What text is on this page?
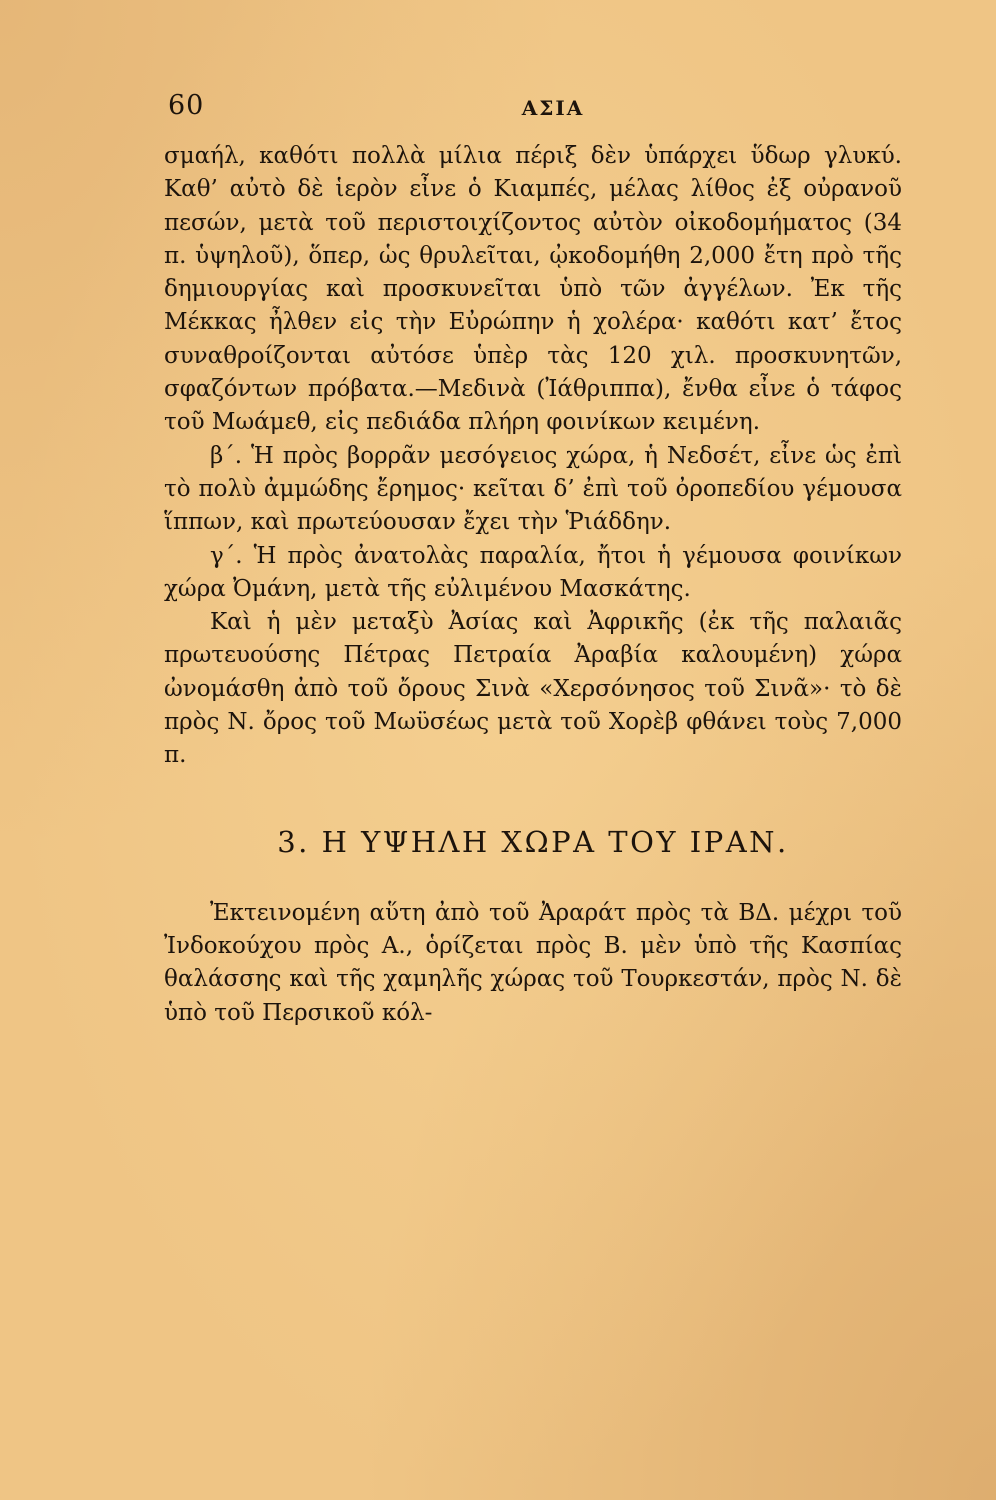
60	ΑΣΙΑ

σμαήλ, καθότι πολλὰ μίλια πέριξ δὲν ὑπάρχει ὕδωρ γλυκύ. Καθ’ αὐτὸ δὲ ἱερὸν εἶνε ὁ Κιαμπές, μέλας λίθος ἐξ οὐρανοῦ πεσών, μετὰ τοῦ περιστοιχίζοντος αὐτὸν οἰκοδομήματος (34 π. ὑψηλοῦ), ὅπερ, ὡς θρυλεῖται, ᾠκοδομήθη 2,000 ἔτη πρὸ τῆς δημιουργίας καὶ προσκυνεῖται ὑπὸ τῶν ἀγγέλων. Ἐκ τῆς Μέκκας ἦλθεν εἰς τὴν Εὐρώπην ἡ χολέρα· καθότι κατ’ ἔτος συναθροίζονται αὐτόσε ὑπὲρ τὰς 120 χιλ. προσκυνητῶν, σφαζόντων πρόβατα.—Μεδινὰ (Ἰάθριππα), ἔνθα εἶνε ὁ τάφος τοῦ Μωάμεθ, εἰς πεδιάδα πλήρη φοινίκων κειμένη.

β΄. Ἡ πρὸς βορρᾶν μεσόγειος χώρα, ἡ Νεδσέτ, εἶνε ὡς ἐπὶ τὸ πολὺ ἀμμώδης ἔρημος· κεῖται δ’ ἐπὶ τοῦ ὀροπεδίου γέμουσα ἵππων, καὶ πρωτεύουσαν ἔχει τὴν Ῥιάδδην.

γ΄. Ἡ πρὸς ἀνατολὰς παραλία, ἤτοι ἡ γέμουσα φοινίκων χώρα Ὀμάνη, μετὰ τῆς εὐλιμένου Μασκάτης.

Καὶ ἡ μὲν μεταξὺ Ἀσίας καὶ Ἀφρικῆς (ἐκ τῆς παλαιᾶς πρωτευούσης Πέτρας Πετραία Ἀραβία καλουμένη) χώρα ὠνομάσθη ἀπὸ τοῦ ὄρους Σινὰ «Χερσόνησος τοῦ Σινᾶ»· τὸ δὲ πρὸς Ν. ὄρος τοῦ Μωϋσέως μετὰ τοῦ Χορὲβ φθάνει τοὺς 7,000 π.

3. Η ΥΨΗΛΗ ΧΩΡΑ ΤΟΥ ΙΡΑΝ.

Ἐκτεινομένη αὕτη ἀπὸ τοῦ Ἀραράτ πρὸς τὰ ΒΔ. μέχρι τοῦ Ἰνδοκούχου πρὸς Α., ὁρίζεται πρὸς Β. μὲν ὑπὸ τῆς Κασπίας θαλάσσης καὶ τῆς χαμηλῆς χώρας τοῦ Τουρκεστάν, πρὸς Ν. δὲ ὑπὸ τοῦ Περσικοῦ κόλ-
